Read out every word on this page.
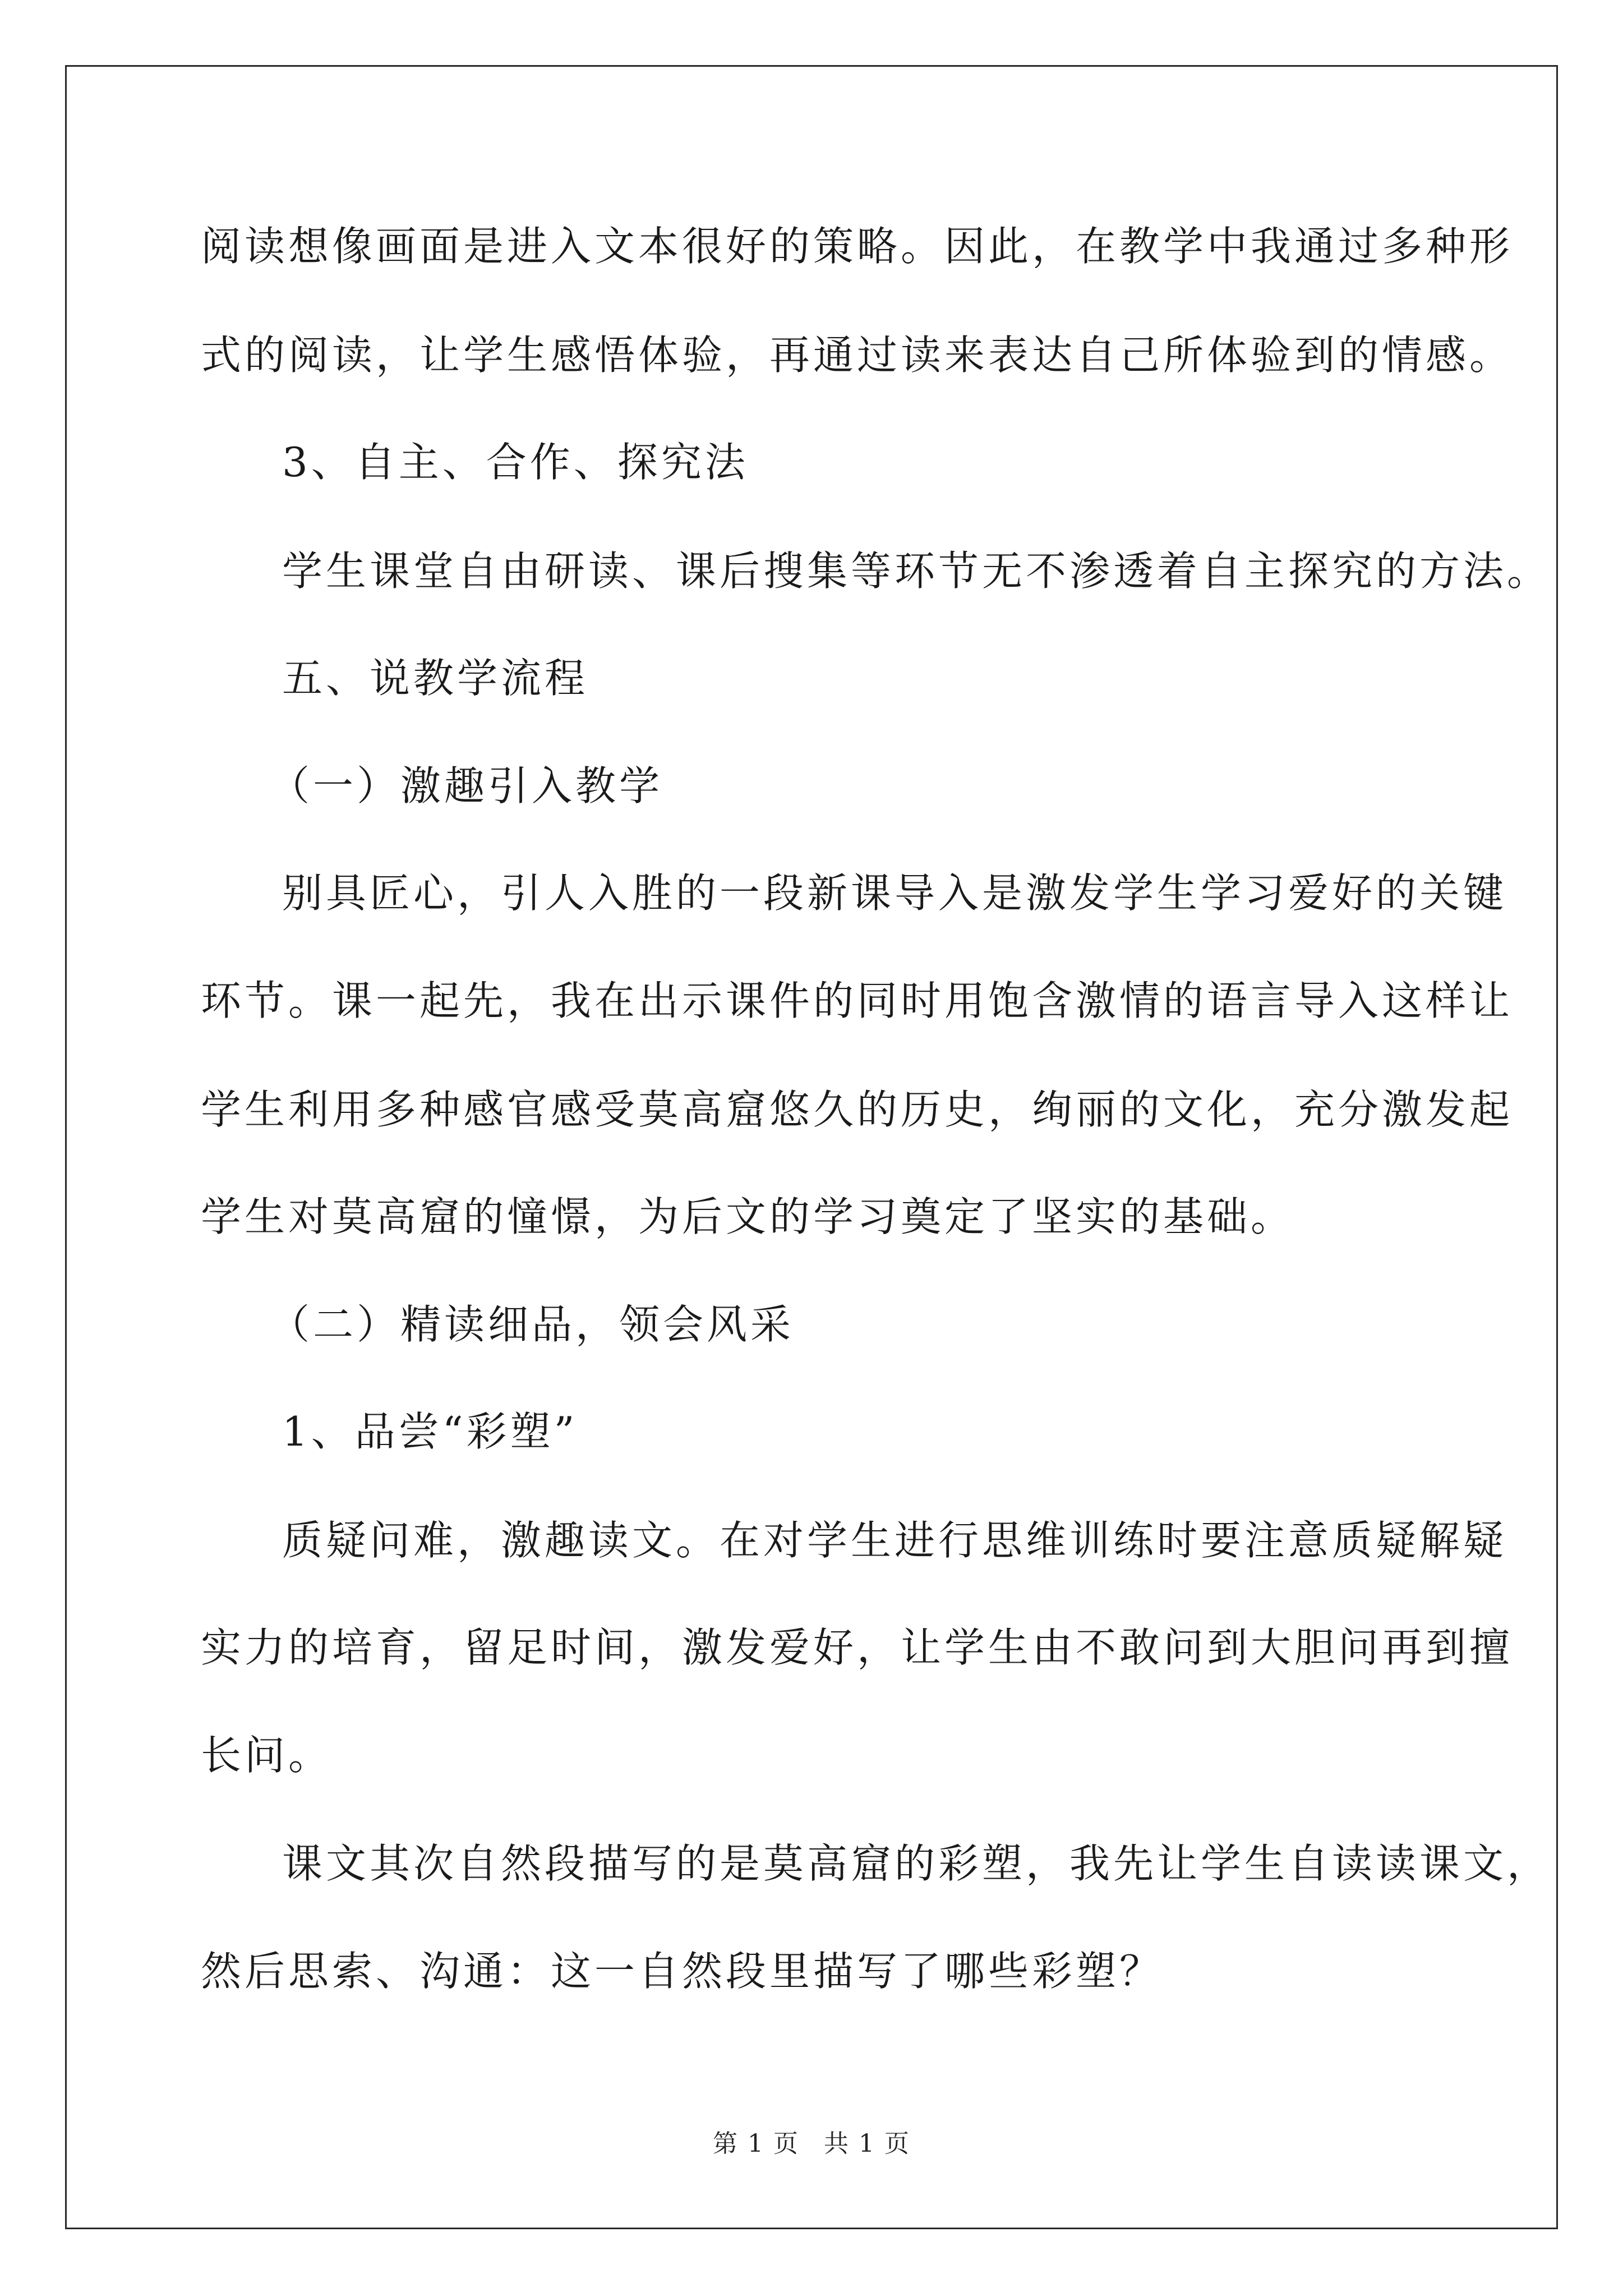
阅读想像画面是进入文本很好的策略。因此，在教学中我通过多种形
式的阅读，让学生感悟体验，再通过读来表达自己所体验到的情感。
3、自主、合作、探究法
学生课堂自由研读、课后搜集等环节无不渗透着自主探究的方法。
五、说教学流程
（一）激趣引入教学
别具匠心，引人入胜的一段新课导入是激发学生学习爱好的关键
环节。课一起先，我在出示课件的同时用饱含激情的语言导入这样让
学生利用多种感官感受莫高窟悠久的历史，绚丽的文化，充分激发起
学生对莫高窟的憧憬，为后文的学习奠定了坚实的基础。
（二）精读细品，领会风采
1、品尝“彩塑”
质疑问难，激趣读文。在对学生进行思维训练时要注意质疑解疑
实力的培育，留足时间，激发爱好，让学生由不敢问到大胆问再到擅
长问。
课文其次自然段描写的是莫高窟的彩塑，我先让学生自读读课文，
然后思索、沟通：这一自然段里描写了哪些彩塑？
第 1 页 共 1 页
